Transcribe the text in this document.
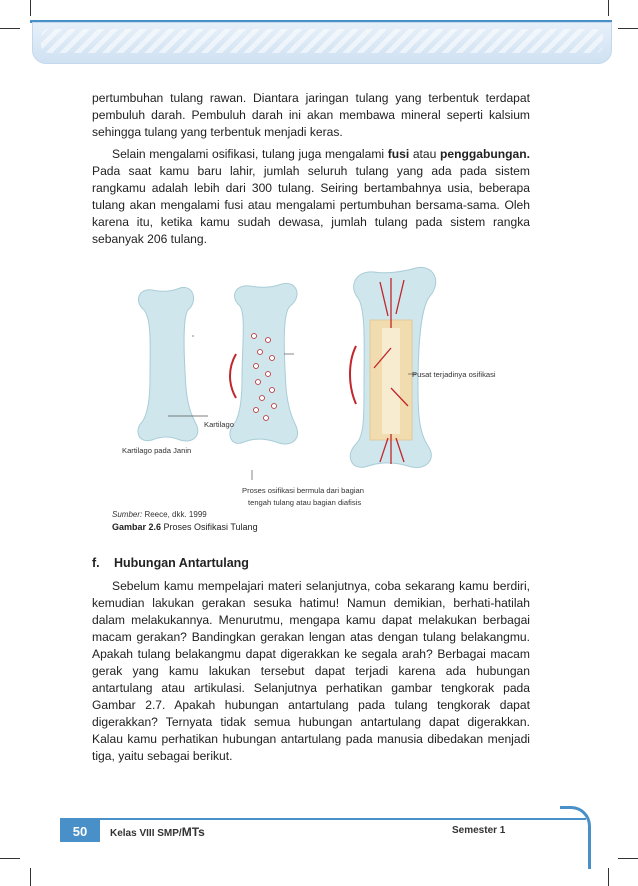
pertumbuhan tulang rawan. Diantara jaringan tulang yang terbentuk terdapat pembuluh darah. Pembuluh darah ini akan membawa mineral seperti kalsium sehingga tulang yang terbentuk menjadi keras.

Selain mengalami osifikasi, tulang juga mengalami fusi atau penggabungan. Pada saat kamu baru lahir, jumlah seluruh tulang yang ada pada sistem rangkamu adalah lebih dari 300 tulang. Seiring bertambahnya usia, beberapa tulang akan mengalami fusi atau mengalami pertumbuhan bersama-sama. Oleh karena itu, ketika kamu sudah dewasa, jumlah tulang pada sistem rangka sebanyak 206 tulang.

Kartilago
Kartilago pada Janin
Pusat terjadinya osifikasi
Proses osifikasi bermula dari bagian
tengah tulang atau bagian diafisis
Sumber: Reece, dkk. 1999
Gambar 2.6 Proses Osifikasi Tulang
f. Hubungan Antartulang

Sebelum kamu mempelajari materi selanjutnya, coba sekarang kamu berdiri, kemudian lakukan gerakan sesuka hatimu! Namun demikian, berhati-hatilah dalam melakukannya. Menurutmu, mengapa kamu dapat melakukan berbagai macam gerakan? Bandingkan gerakan lengan atas dengan tulang belakangmu. Apakah tulang belakangmu dapat digerakkan ke segala arah? Berbagai macam gerak yang kamu lakukan tersebut dapat terjadi karena ada hubungan antartulang atau artikulasi. Selanjutnya perhatikan gambar tengkorak pada Gambar 2.7. Apakah hubungan antartulang pada tulang tengkorak dapat digerakkan? Ternyata tidak semua hubungan antartulang dapat digerakkan. Kalau kamu perhatikan hubungan antartulang pada manusia dibedakan menjadi tiga, yaitu sebagai berikut.

50	Kelas VIII SMP/MTs	Semester 1
